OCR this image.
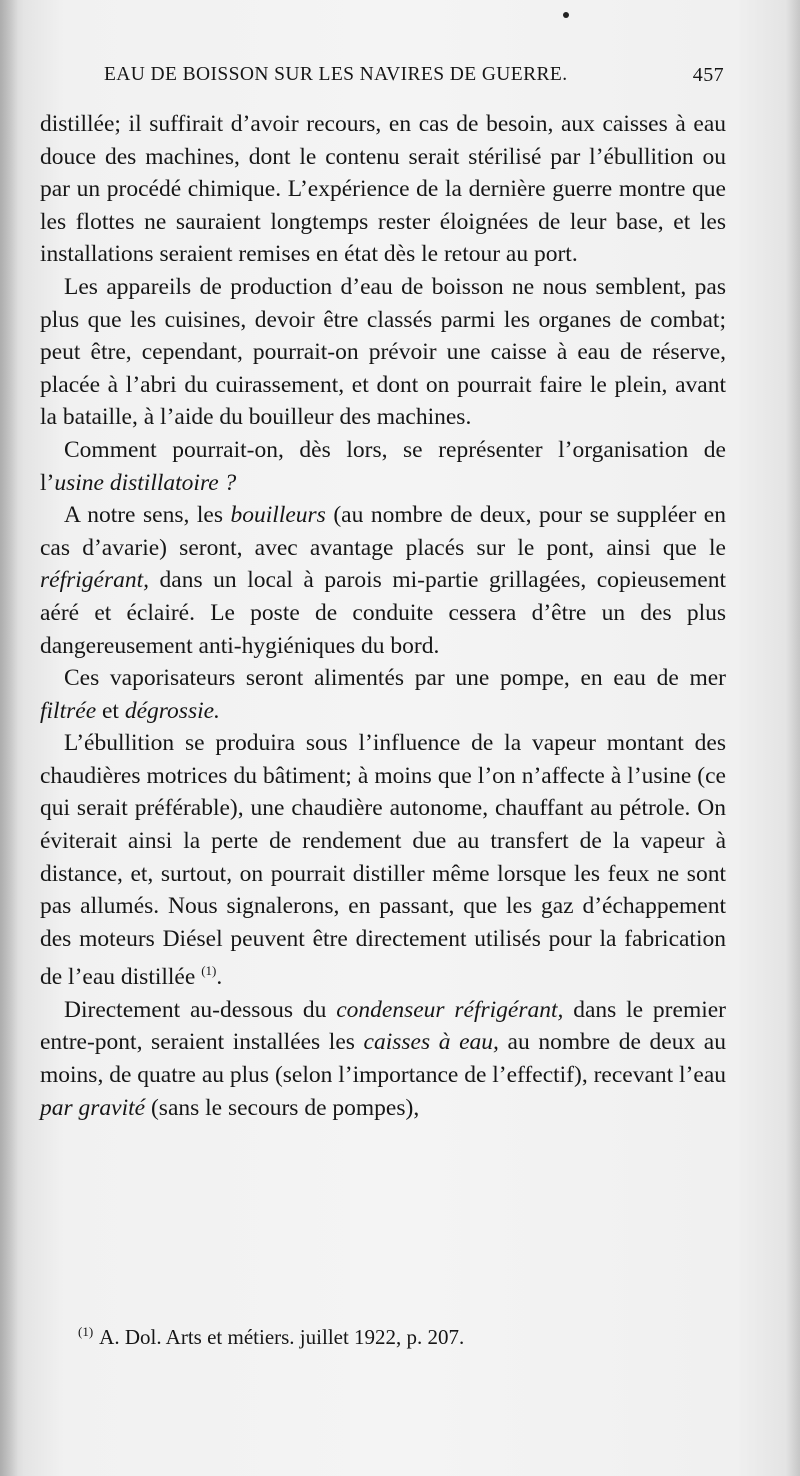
EAU DE BOISSON SUR LES NAVIRES DE GUERRE.	457

distillée; il suffirait d’avoir recours, en cas de besoin, aux caisses à eau douce des machines, dont le contenu serait stérilisé par l’ébullition ou par un procédé chimique. L’expérience de la dernière guerre montre que les flottes ne sauraient longtemps rester éloignées de leur base, et les installations seraient remises en état dès le retour au port.

Les appareils de production d’eau de boisson ne nous semblent, pas plus que les cuisines, devoir être classés parmi les organes de combat; peut être, cependant, pourrait-on prévoir une caisse à eau de réserve, placée à l’abri du cuirassement, et dont on pourrait faire le plein, avant la bataille, à l’aide du bouilleur des machines.

Comment pourrait-on, dès lors, se représenter l’organisation de l’usine distillatoire ?

A notre sens, les bouilleurs (au nombre de deux, pour se suppléer en cas d’avarie) seront, avec avantage placés sur le pont, ainsi que le réfrigérant, dans un local à parois mi-partie grillagées, copieusement aéré et éclairé. Le poste de conduite cessera d’être un des plus dangereusement anti-hygiéniques du bord.

Ces vaporisateurs seront alimentés par une pompe, en eau de mer filtrée et dégrossie.

L’ébullition se produira sous l’influence de la vapeur montant des chaudières motrices du bâtiment; à moins que l’on n’affecte à l’usine (ce qui serait préférable), une chaudière autonome, chauffant au pétrole. On éviterait ainsi la perte de rendement due au transfert de la vapeur à distance, et, surtout, on pourrait distiller même lorsque les feux ne sont pas allumés. Nous signalerons, en passant, que les gaz d’échappement des moteurs Diésel peuvent être directement utilisés pour la fabrication de l’eau distillée $^{(1)}$.

Directement au-dessous du condenseur réfrigérant, dans le premier entre-pont, seraient installées les caisses à eau, au nombre de deux au moins, de quatre au plus (selon l’importance de l’effectif), recevant l’eau par gravité (sans le secours de pompes),

$^{(1)}$ A. Dol. Arts et métiers. juillet 1922, p. 207.
